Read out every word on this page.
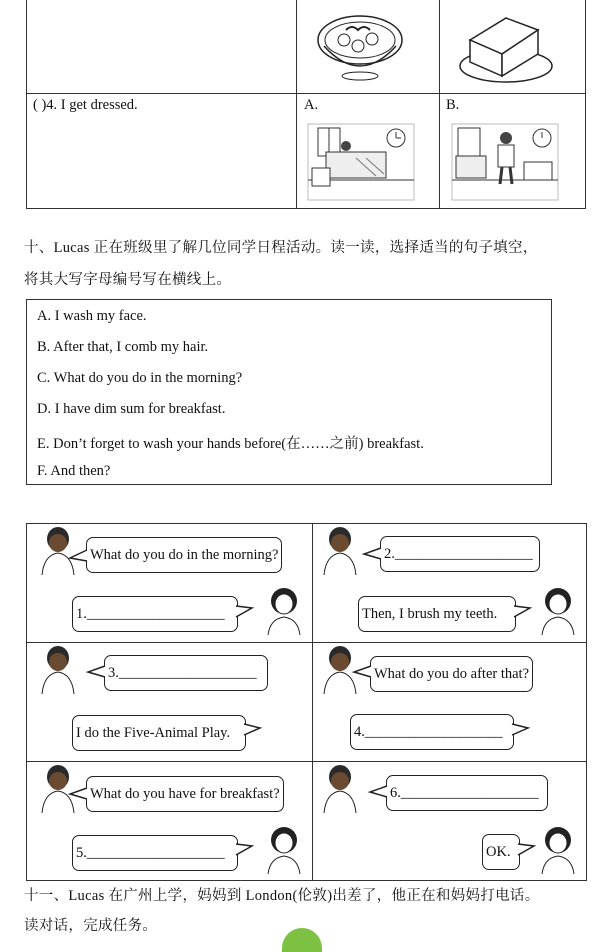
( )4. I get dressed.	A.	B.
十、Lucas 正在班级里了解几位同学日程活动。读一读，选择适当的句子填空，
将其大写字母编号写在横线上。
A. I wash my face.
B. After that, I comb my hair.
C. What do you do in the morning?
D. I have dim sum for breakfast.
E. Don’t forget to wash your hands before(在……之前) breakfast.
F. And then?
What do you do in the morning?
1.___________________
2.___________________
Then, I brush my teeth.
3.___________________
I do the Five-Animal Play.
What do you do after that?
4.___________________
What do you have for breakfast?
5.___________________
6.___________________
OK.
十一、Lucas 在广州上学，妈妈到 London(伦敦)出差了，他正在和妈妈打电话。
读对话，完成任务。
